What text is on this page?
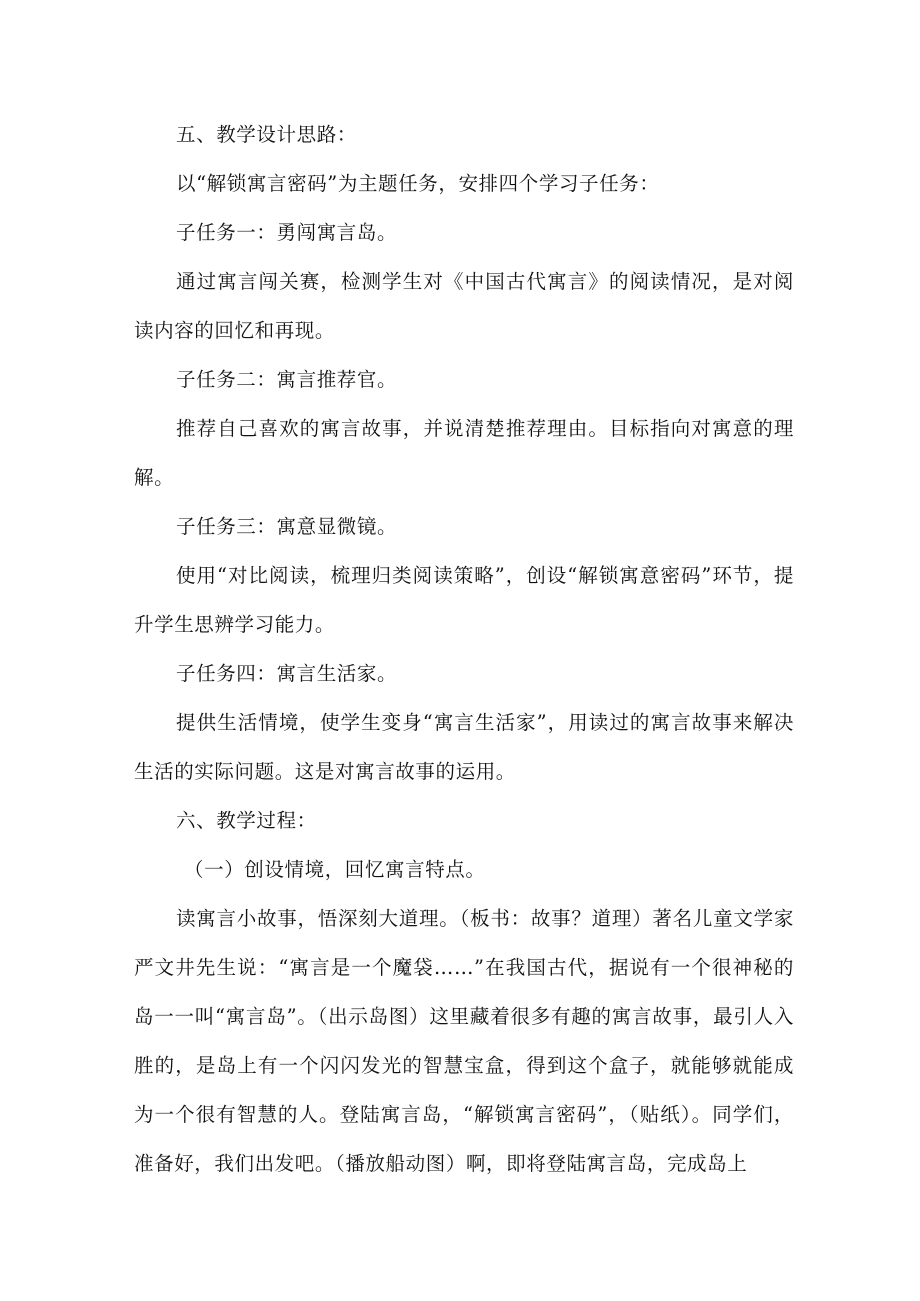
五、教学设计思路：

以“解锁寓言密码”为主题任务，安排四个学习子任务：

子任务一：勇闯寓言岛。

通过寓言闯关赛，检测学生对《中国古代寓言》的阅读情况，是对阅读内容的回忆和再现。

子任务二：寓言推荐官。

推荐自己喜欢的寓言故事，并说清楚推荐理由。目标指向对寓意的理解。

子任务三：寓意显微镜。

使用“对比阅读，梳理归类阅读策略”，创设“解锁寓意密码”环节，提升学生思辨学习能力。

子任务四：寓言生活家。

提供生活情境，使学生变身“寓言生活家”，用读过的寓言故事来解决生活的实际问题。这是对寓言故事的运用。

六、教学过程：

（一）创设情境，回忆寓言特点。

读寓言小故事，悟深刻大道理。（板书：故事？道理）著名儿童文学家严文井先生说：“寓言是一个魔袋……”在我国古代，据说有一个很神秘的岛一一叫“寓言岛”。（出示岛图）这里藏着很多有趣的寓言故事，最引人入胜的，是岛上有一个闪闪发光的智慧宝盒，得到这个盒子，就能够就能成为一个很有智慧的人。登陆寓言岛，“解锁寓言密码”，（贴纸）。同学们，准备好，我们出发吧。（播放船动图）啊，即将登陆寓言岛，完成岛上
